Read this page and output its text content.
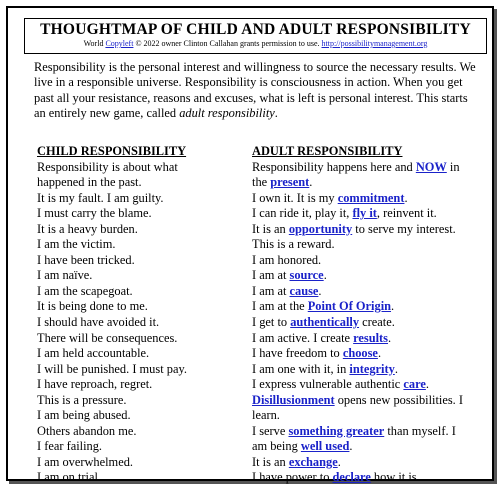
THOUGHTMAP OF CHILD AND ADULT RESPONSIBILITY
World Copyleft © 2022 owner Clinton Callahan grants permission to use. http://possibilitymanagement.org
Responsibility is the personal interest and willingness to source the necessary results. We live in a responsible universe. Responsibility is consciousness in action. When you get past all your resistance, reasons and excuses, what is left is personal interest. This starts an entirely new game, called adult responsibility.
CHILD RESPONSIBILITY
Responsibility is about what
happened in the past.
It is my fault. I am guilty.
I must carry the blame.
It is a heavy burden.
I am the victim.
I have been tricked.
I am naïve.
I am the scapegoat.
It is being done to me.
I should have avoided it.
There will be consequences.
I am held accountable.
I will be punished. I must pay.
I have reproach, regret.
This is a pressure.
I am being abused.
Others abandon me.
I fear failing.
I am overwhelmed.
I am on trial.
ADULT RESPONSIBILITY
Responsibility happens here and NOW in
the present.
I own it. It is my commitment.
I can ride it, play it, fly it, reinvent it.
It is an opportunity to serve my interest.
This is a reward.
I am honored.
I am at source.
I am at cause.
I am at the Point Of Origin.
I get to authentically create.
I am active. I create results.
I have freedom to choose.
I am one with it, in integrity.
I express vulnerable authentic care.
Disillusionment opens new possibilities. I
learn.
I serve something greater than myself. I
am being well used.
It is an exchange.
I have power to declare how it is.
